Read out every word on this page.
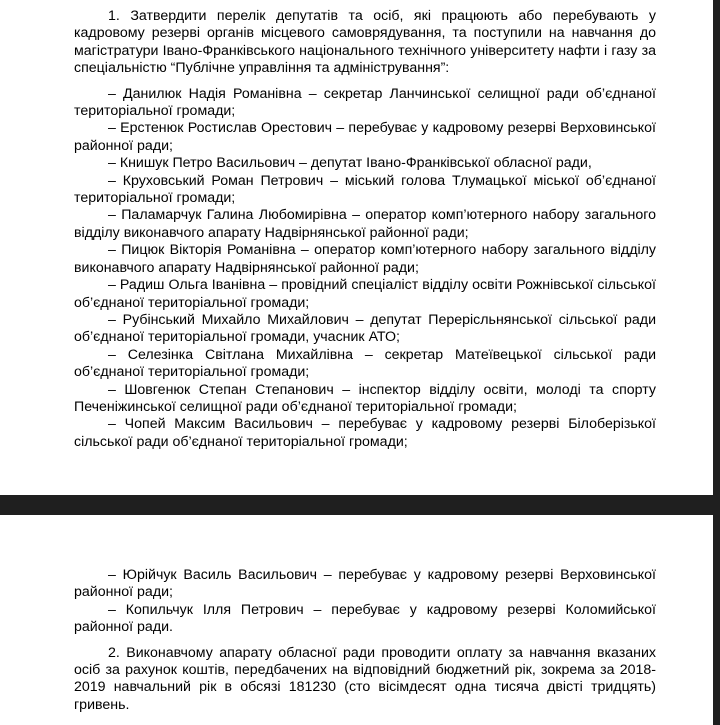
1. Затвердити перелік депутатів та осіб, які працюють або перебувають у кадровому резерві органів місцевого самоврядування, та поступили на навчання до магістратури Івано-Франківського національного технічного університету нафти і газу за спеціальністю “Публічне управління та адміністрування”:

– Данилюк Надія Романівна – секретар Ланчинської селищної ради об’єднаної територіальної громади;

– Ерстенюк Ростислав Орестович – перебуває у кадровому резерві Верховинської районної ради;

– Книшук Петро Васильович – депутат Івано-Франківської обласної ради,

– Круховський Роман Петрович – міський голова Тлумацької міської об’єднаної територіальної громади;

– Паламарчук Галина Любомирівна – оператор комп’ютерного набору загального відділу виконавчого апарату Надвірнянської районної ради;

– Пицюк Вікторія Романівна – оператор комп’ютерного набору загального відділу виконавчого апарату Надвірнянської районної ради;

– Радиш Ольга Іванівна – провідний спеціаліст відділу освіти Рожнівської сільської об’єднаної територіальної громади;

– Рубінський Михайло Михайлович – депутат Перерісльнянської сільської ради об’єднаної територіальної громади, учасник АТО;

– Селезінка Світлана Михайлівна – секретар Матеївецької сільської ради об’єднаної територіальної громади;

– Шовгенюк Степан Степанович – інспектор відділу освіти, молоді та спорту Печеніжинської селищної ради об’єднаної територіальної громади;

– Чопей Максим Васильович – перебуває у кадровому резерві Білоберізької сільської ради об’єднаної територіальної громади;

– Юрійчук Василь Васильович – перебуває у кадровому резерві Верховинської районної ради;

– Копильчук Ілля Петрович – перебуває у кадровому резерві Коломийської районної ради.

2. Виконавчому апарату обласної ради проводити оплату за навчання вказаних осіб за рахунок коштів, передбачених на відповідний бюджетний рік, зокрема за 2018-2019 навчальний рік в обсязі 181230 (сто вісімдесят одна тисяча двісті тридцять) гривень.
